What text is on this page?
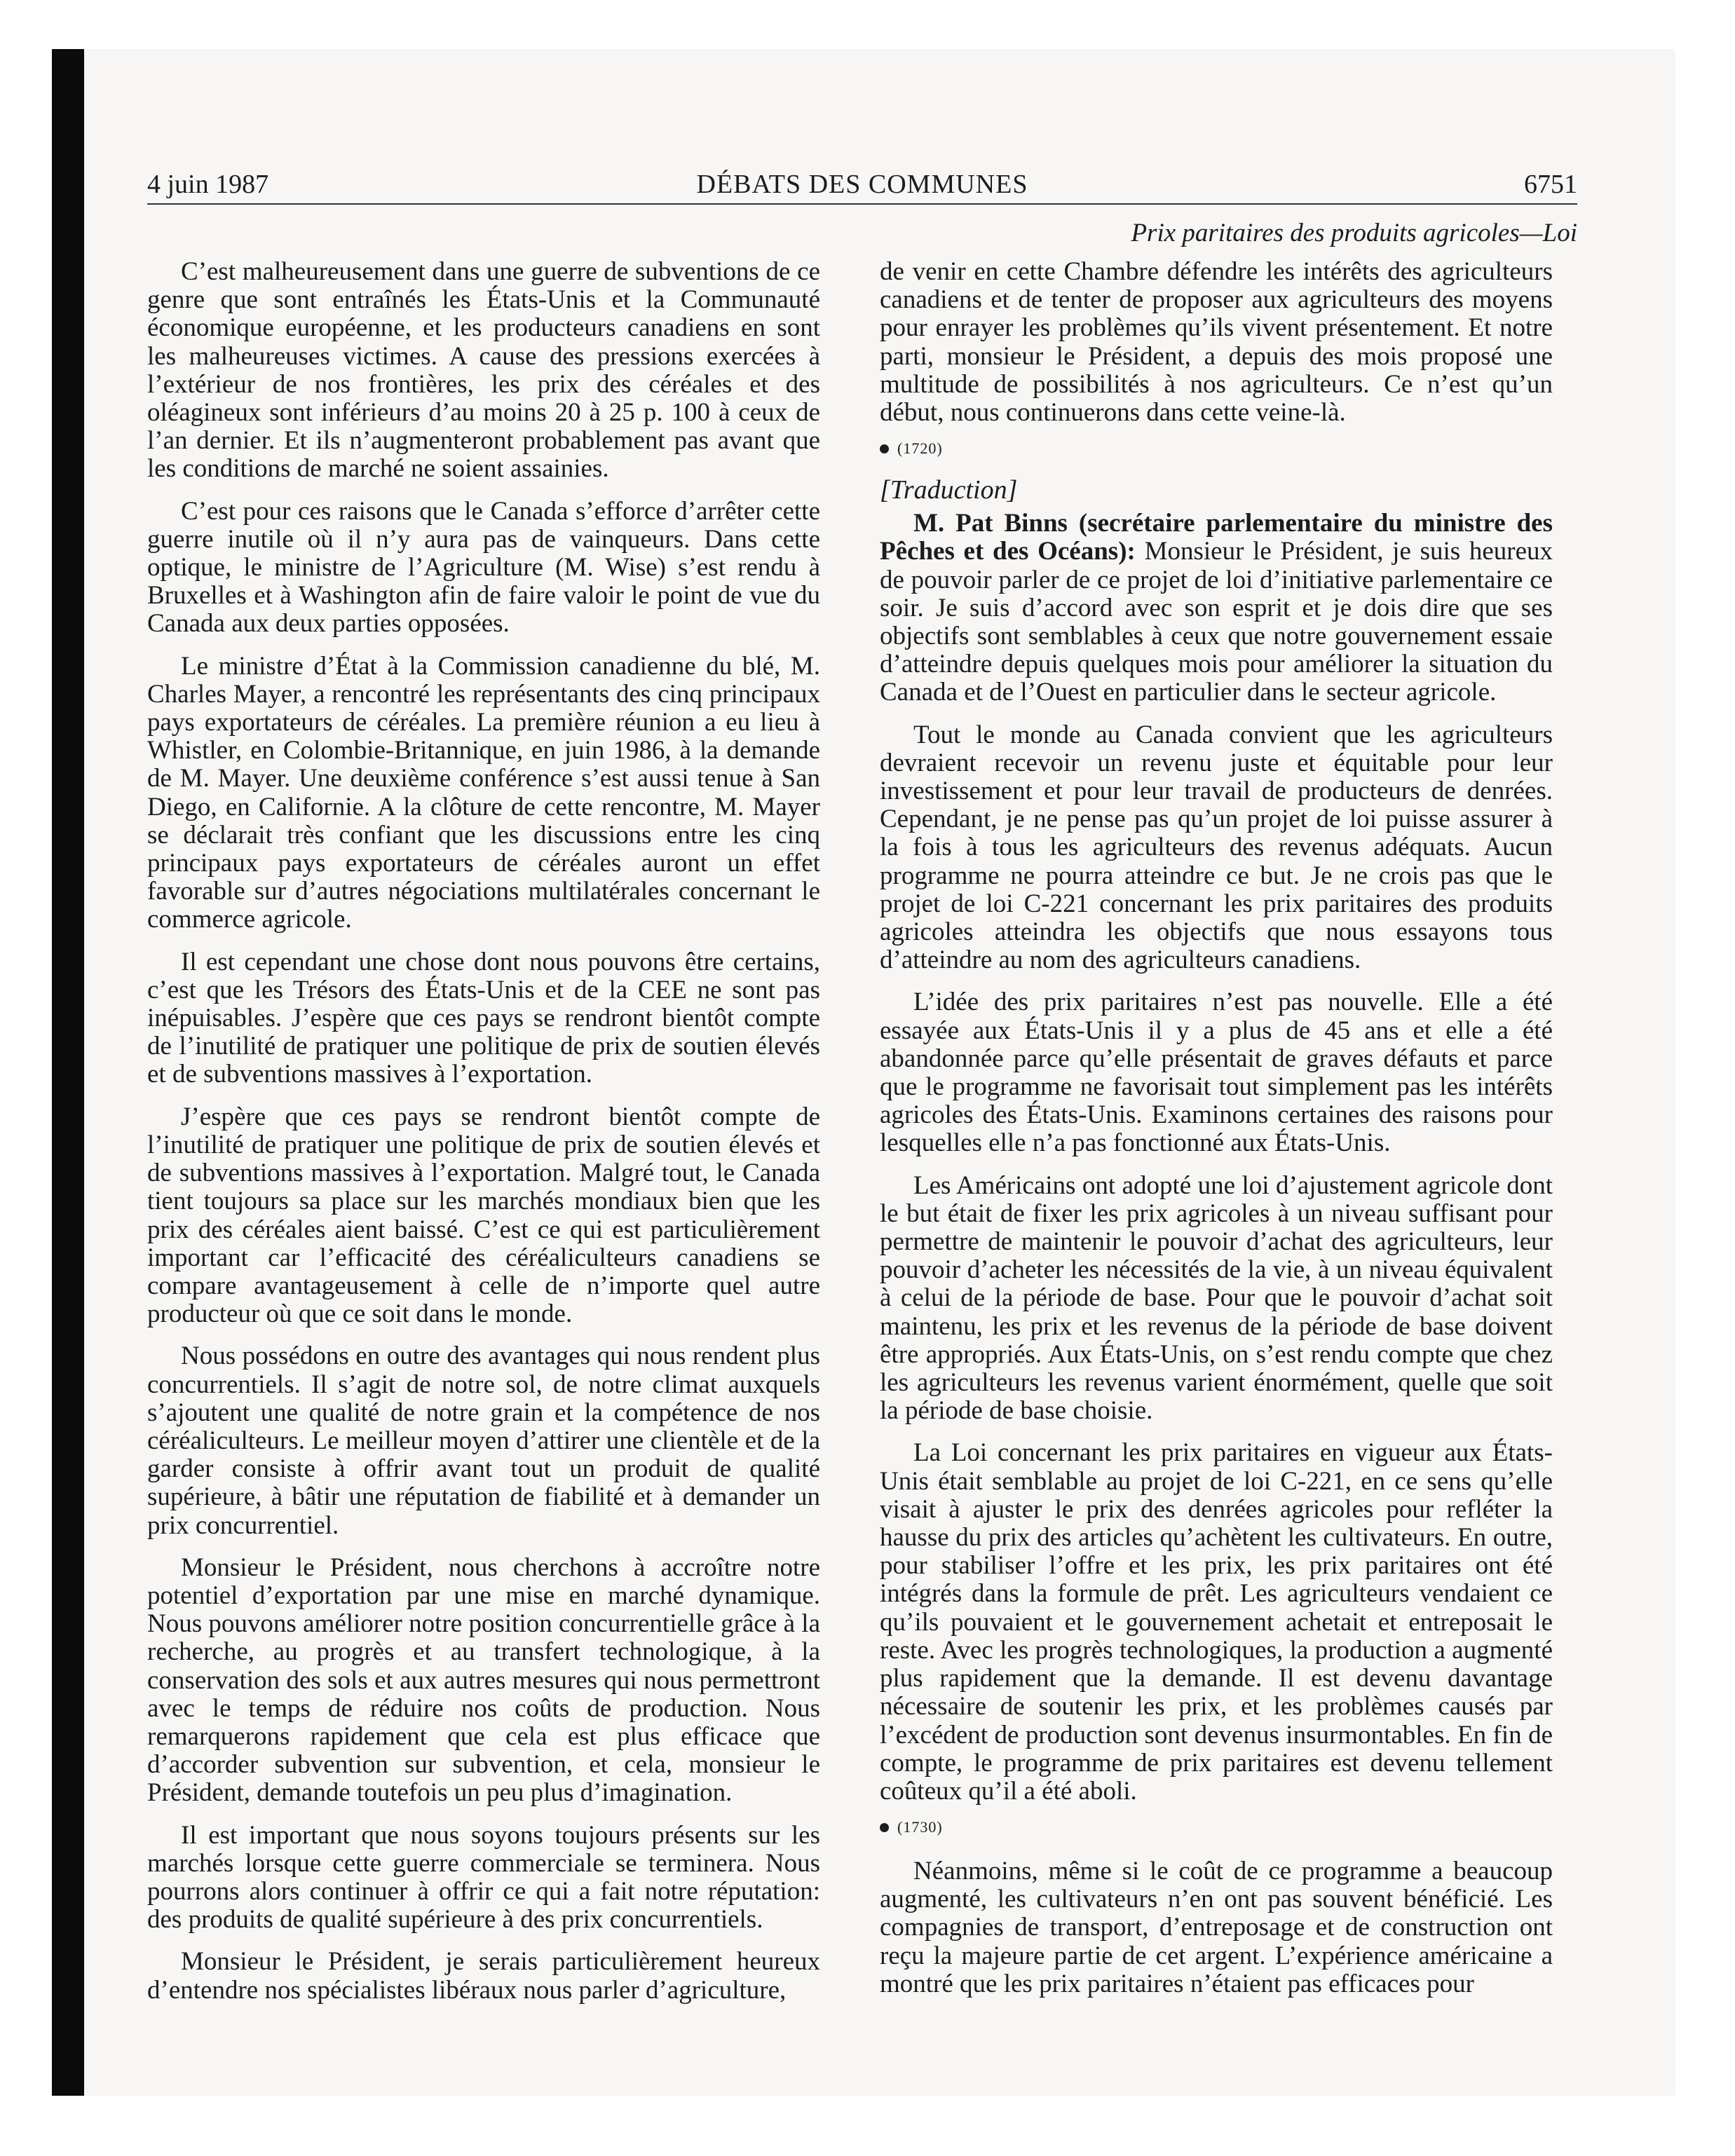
4 juin 1987	DÉBATS DES COMMUNES	6751
Prix paritaires des produits agricoles—Loi

C’est malheureusement dans une guerre de subventions de ce genre que sont entraînés les États-Unis et la Communauté économique européenne, et les producteurs canadiens en sont les malheureuses victimes. A cause des pressions exercées à l’extérieur de nos frontières, les prix des céréales et des oléagineux sont inférieurs d’au moins 20 à 25 p. 100 à ceux de l’an dernier. Et ils n’augmenteront probablement pas avant que les conditions de marché ne soient assainies.

C’est pour ces raisons que le Canada s’efforce d’arrêter cette guerre inutile où il n’y aura pas de vainqueurs. Dans cette optique, le ministre de l’Agriculture (M. Wise) s’est rendu à Bruxelles et à Washington afin de faire valoir le point de vue du Canada aux deux parties opposées.

Le ministre d’État à la Commission canadienne du blé, M. Charles Mayer, a rencontré les représentants des cinq principaux pays exportateurs de céréales. La première réunion a eu lieu à Whistler, en Colombie-Britannique, en juin 1986, à la demande de M. Mayer. Une deuxième conférence s’est aussi tenue à San Diego, en Californie. A la clôture de cette rencontre, M. Mayer se déclarait très confiant que les discussions entre les cinq principaux pays exportateurs de céréales auront un effet favorable sur d’autres négociations multilatérales concernant le commerce agricole.

Il est cependant une chose dont nous pouvons être certains, c’est que les Trésors des États-Unis et de la CEE ne sont pas inépuisables. J’espère que ces pays se rendront bientôt compte de l’inutilité de pratiquer une politique de prix de soutien élevés et de subventions massives à l’exportation.

J’espère que ces pays se rendront bientôt compte de l’inutilité de pratiquer une politique de prix de soutien élevés et de subventions massives à l’exportation. Malgré tout, le Canada tient toujours sa place sur les marchés mondiaux bien que les prix des céréales aient baissé. C’est ce qui est particulièrement important car l’efficacité des céréaliculteurs canadiens se compare avantageusement à celle de n’importe quel autre producteur où que ce soit dans le monde.

Nous possédons en outre des avantages qui nous rendent plus concurrentiels. Il s’agit de notre sol, de notre climat auxquels s’ajoutent une qualité de notre grain et la compétence de nos céréaliculteurs. Le meilleur moyen d’attirer une clientèle et de la garder consiste à offrir avant tout un produit de qualité supérieure, à bâtir une réputation de fiabilité et à demander un prix concurrentiel.

Monsieur le Président, nous cherchons à accroître notre potentiel d’exportation par une mise en marché dynamique. Nous pouvons améliorer notre position concurrentielle grâce à la recherche, au progrès et au transfert technologique, à la conservation des sols et aux autres mesures qui nous permettront avec le temps de réduire nos coûts de production. Nous remarquerons rapidement que cela est plus efficace que d’accorder subvention sur subvention, et cela, monsieur le Président, demande toutefois un peu plus d’imagination.

Il est important que nous soyons toujours présents sur les marchés lorsque cette guerre commerciale se terminera. Nous pourrons alors continuer à offrir ce qui a fait notre réputation: des produits de qualité supérieure à des prix concurrentiels.

Monsieur le Président, je serais particulièrement heureux d’entendre nos spécialistes libéraux nous parler d’agriculture,

de venir en cette Chambre défendre les intérêts des agriculteurs canadiens et de tenter de proposer aux agriculteurs des moyens pour enrayer les problèmes qu’ils vivent présentement. Et notre parti, monsieur le Président, a depuis des mois proposé une multitude de possibilités à nos agriculteurs. Ce n’est qu’un début, nous continuerons dans cette veine-là.

(1720)
[Traduction]

M. Pat Binns (secrétaire parlementaire du ministre des Pêches et des Océans): Monsieur le Président, je suis heureux de pouvoir parler de ce projet de loi d’initiative parlementaire ce soir. Je suis d’accord avec son esprit et je dois dire que ses objectifs sont semblables à ceux que notre gouvernement essaie d’atteindre depuis quelques mois pour améliorer la situation du Canada et de l’Ouest en particulier dans le secteur agricole.

Tout le monde au Canada convient que les agriculteurs devraient recevoir un revenu juste et équitable pour leur investissement et pour leur travail de producteurs de denrées. Cependant, je ne pense pas qu’un projet de loi puisse assurer à la fois à tous les agriculteurs des revenus adéquats. Aucun programme ne pourra atteindre ce but. Je ne crois pas que le projet de loi C-221 concernant les prix paritaires des produits agricoles atteindra les objectifs que nous essayons tous d’atteindre au nom des agriculteurs canadiens.

L’idée des prix paritaires n’est pas nouvelle. Elle a été essayée aux États-Unis il y a plus de 45 ans et elle a été abandonnée parce qu’elle présentait de graves défauts et parce que le programme ne favorisait tout simplement pas les intérêts agricoles des États-Unis. Examinons certaines des raisons pour lesquelles elle n’a pas fonctionné aux États-Unis.

Les Américains ont adopté une loi d’ajustement agricole dont le but était de fixer les prix agricoles à un niveau suffisant pour permettre de maintenir le pouvoir d’achat des agriculteurs, leur pouvoir d’acheter les nécessités de la vie, à un niveau équivalent à celui de la période de base. Pour que le pouvoir d’achat soit maintenu, les prix et les revenus de la période de base doivent être appropriés. Aux États-Unis, on s’est rendu compte que chez les agriculteurs les revenus varient énormément, quelle que soit la période de base choisie.

La Loi concernant les prix paritaires en vigueur aux États-Unis était semblable au projet de loi C-221, en ce sens qu’elle visait à ajuster le prix des denrées agricoles pour refléter la hausse du prix des articles qu’achètent les cultivateurs. En outre, pour stabiliser l’offre et les prix, les prix paritaires ont été intégrés dans la formule de prêt. Les agriculteurs vendaient ce qu’ils pouvaient et le gouvernement achetait et entreposait le reste. Avec les progrès technologiques, la production a augmenté plus rapidement que la demande. Il est devenu davantage nécessaire de soutenir les prix, et les problèmes causés par l’excédent de production sont devenus insurmontables. En fin de compte, le programme de prix paritaires est devenu tellement coûteux qu’il a été aboli.

(1730)

Néanmoins, même si le coût de ce programme a beaucoup augmenté, les cultivateurs n’en ont pas souvent bénéficié. Les compagnies de transport, d’entreposage et de construction ont reçu la majeure partie de cet argent. L’expérience américaine a montré que les prix paritaires n’étaient pas efficaces pour
